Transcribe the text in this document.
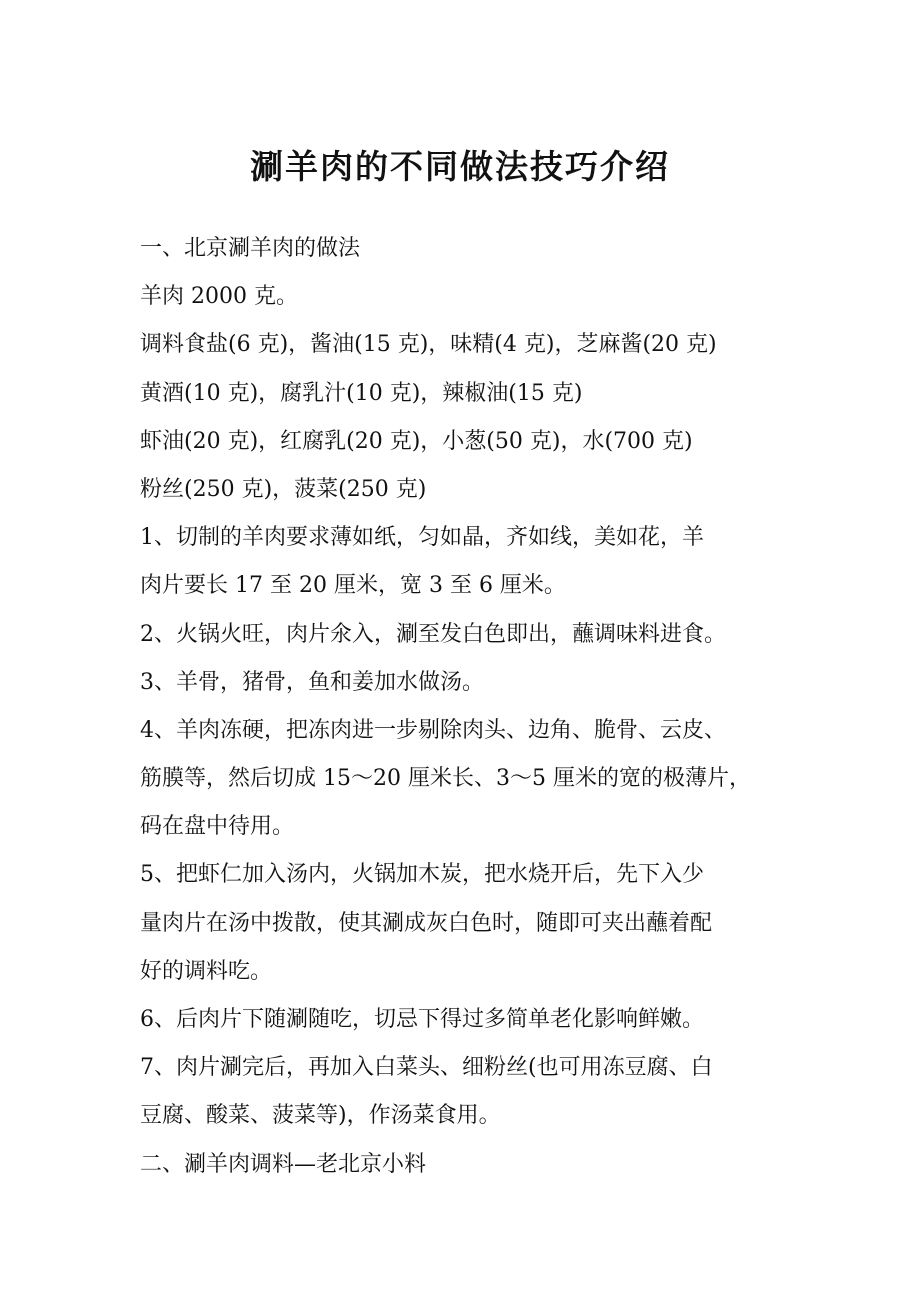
涮羊肉的不同做法技巧介绍
一、北京涮羊肉的做法
羊肉 2000 克。
调料食盐(6 克)，酱油(15 克)，味精(4 克)，芝麻酱(20 克)
黄酒(10 克)，腐乳汁(10 克)，辣椒油(15 克)
虾油(20 克)，红腐乳(20 克)，小葱(50 克)，水(700 克)
粉丝(250 克)，菠菜(250 克)
1、切制的羊肉要求薄如纸，匀如晶，齐如线，美如花，羊
肉片要长 17 至 20 厘米，宽 3 至 6 厘米。
2、火锅火旺，肉片氽入，涮至发白色即出，蘸调味料进食。
3、羊骨，猪骨，鱼和姜加水做汤。
4、羊肉冻硬，把冻肉进一步剔除肉头、边角、脆骨、云皮、
筋膜等，然后切成 15～20 厘米长、3～5 厘米的宽的极薄片，
码在盘中待用。
5、把虾仁加入汤内，火锅加木炭，把水烧开后，先下入少
量肉片在汤中拨散，使其涮成灰白色时，随即可夹出蘸着配
好的调料吃。
6、后肉片下随涮随吃，切忌下得过多简单老化影响鲜嫩。
7、肉片涮完后，再加入白菜头、细粉丝(也可用冻豆腐、白
豆腐、酸菜、菠菜等)，作汤菜食用。
二、涮羊肉调料—老北京小料
